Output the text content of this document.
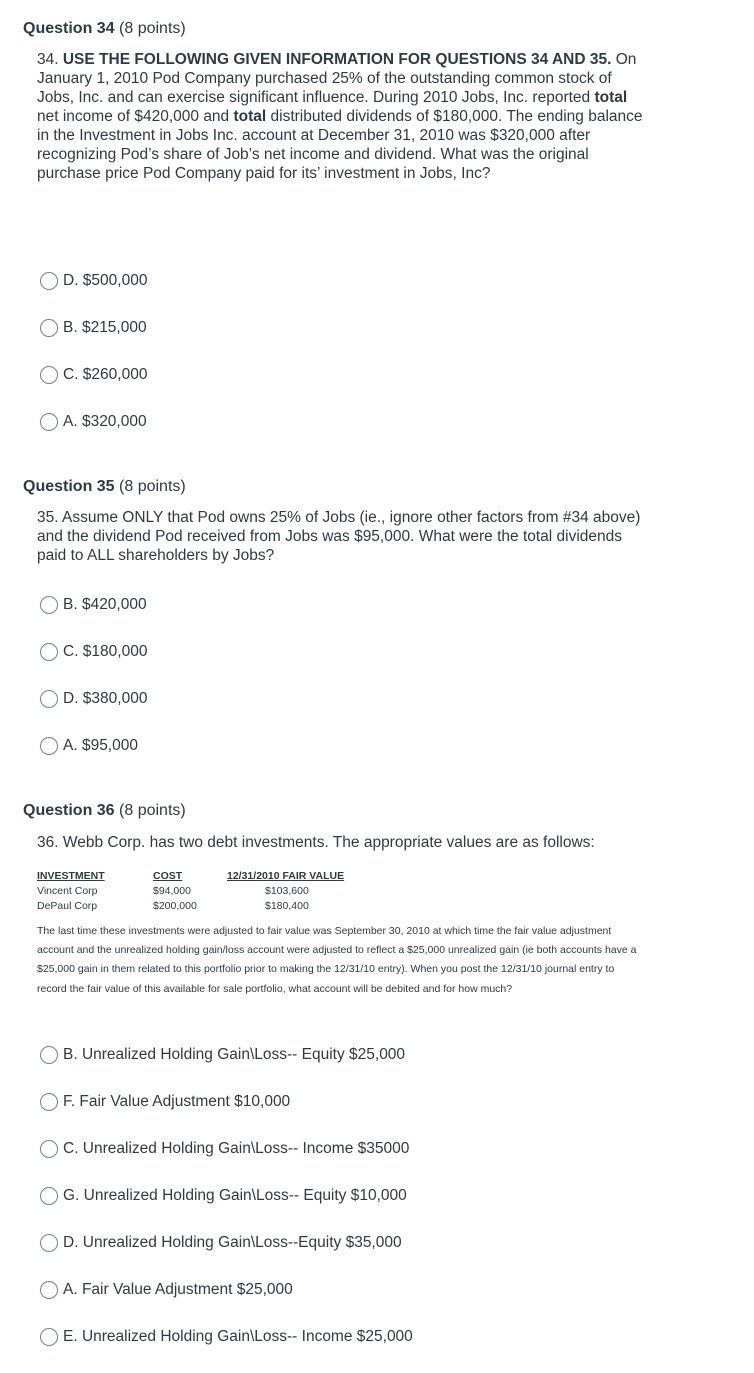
Question 34 (8 points)
34. USE THE FOLLOWING GIVEN INFORMATION FOR QUESTIONS 34 AND 35. On January 1, 2010 Pod Company purchased 25% of the outstanding common stock of Jobs, Inc. and can exercise significant influence. During 2010 Jobs, Inc. reported total net income of $420,000 and total distributed dividends of $180,000. The ending balance in the Investment in Jobs Inc. account at December 31, 2010 was $320,000 after recognizing Pod’s share of Job’s net income and dividend. What was the original purchase price Pod Company paid for its’ investment in Jobs, Inc?
D. $500,000
B. $215,000
C. $260,000
A. $320,000
Question 35 (8 points)
35. Assume ONLY that Pod owns 25% of Jobs (ie., ignore other factors from #34 above) and the dividend Pod received from Jobs was $95,000. What were the total dividends paid to ALL shareholders by Jobs?
B. $420,000
C. $180,000
D. $380,000
A. $95,000
Question 36 (8 points)
36. Webb Corp. has two debt investments. The appropriate values are as follows:
INVESTMENT	COST	12/31/2010 FAIR VALUE
Vincent Corp	$94,000	$103,600
DePaul Corp	$200,000	$180,400
The last time these investments were adjusted to fair value was September 30, 2010 at which time the fair value adjustment account and the unrealized holding gain/loss account were adjusted to reflect a $25,000 unrealized gain (ie both accounts have a $25,000 gain in them related to this portfolio prior to making the 12/31/10 entry). When you post the 12/31/10 journal entry to record the fair value of this available for sale portfolio, what account will be debited and for how much?
B. Unrealized Holding Gain\Loss-- Equity $25,000
F. Fair Value Adjustment $10,000
C. Unrealized Holding Gain\Loss-- Income $35000
G. Unrealized Holding Gain\Loss-- Equity $10,000
D. Unrealized Holding Gain\Loss--Equity $35,000
A. Fair Value Adjustment $25,000
E. Unrealized Holding Gain\Loss-- Income $25,000
